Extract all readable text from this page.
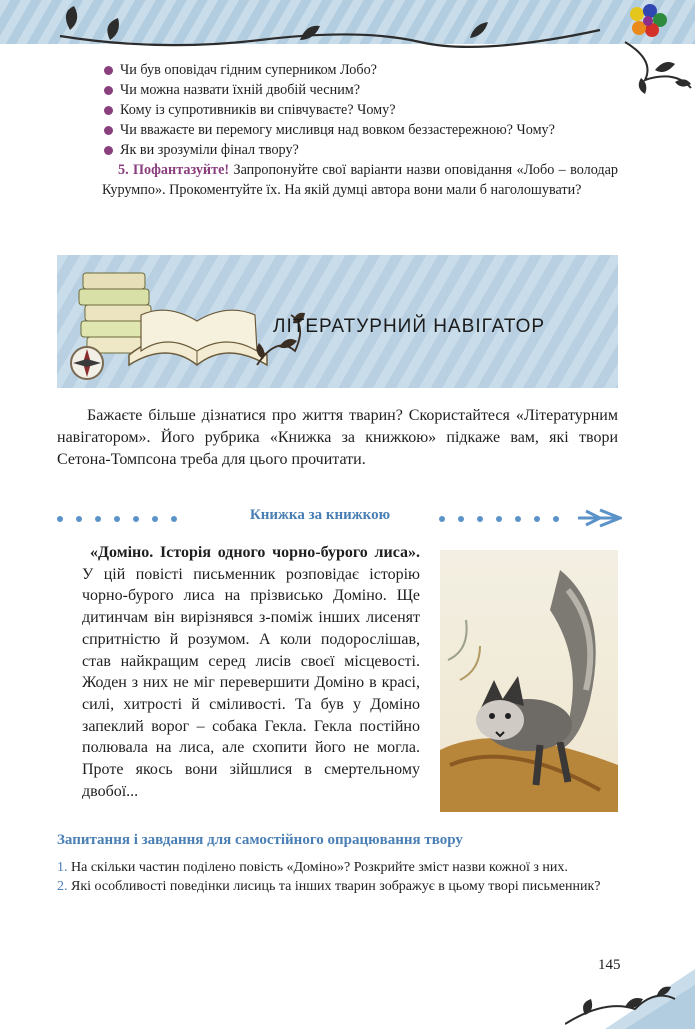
Чи був оповідач гідним суперником Лобо?
Чи можна назвати їхній двобій чесним?
Кому із супротивників ви співчуваєте? Чому?
Чи вважаєте ви перемогу мисливця над вовком беззастережною? Чому?
Як ви зрозуміли фінал твору?
5. Пофантазуйте! Запропонуйте свої варіанти назви оповідання «Лобо – володар Курумпо». Прокоментуйте їх. На якій думці автора вони мали б наголошувати?
ЛІТЕРАТУРНИЙ НАВІГАТОР
Бажаєте більше дізнатися про життя тварин? Скористайтеся «Літературним навігатором». Його рубрика «Книжка за книжкою» підкаже вам, які твори Сетона-Томпсона треба для цього прочитати.
Книжка за книжкою
«Доміно. Історія одного чорно-бурого лиса». У цій повісті письменник розповідає історію чорно-бурого лиса на прізвисько Доміно. Ще дитинчам він вирізнявся з-поміж інших лисенят спритністю й розумом. А коли подорослішав, став найкращим серед лисів своєї місцевості. Жоден з них не міг перевершити Доміно в красі, силі, хитрості й сміливості. Та був у Доміно запеклий ворог – собака Гекла. Гекла постійно полювала на лиса, але схопити його не могла. Проте якось вони зійшлися в смертельному двобої...
Запитання і завдання для самостійного опрацювання твору
1. На скільки частин поділено повість «Доміно»? Розкрийте зміст назви кожної з них.
2. Які особливості поведінки лисиць та інших тварин зображує в цьому творі письменник?
145
